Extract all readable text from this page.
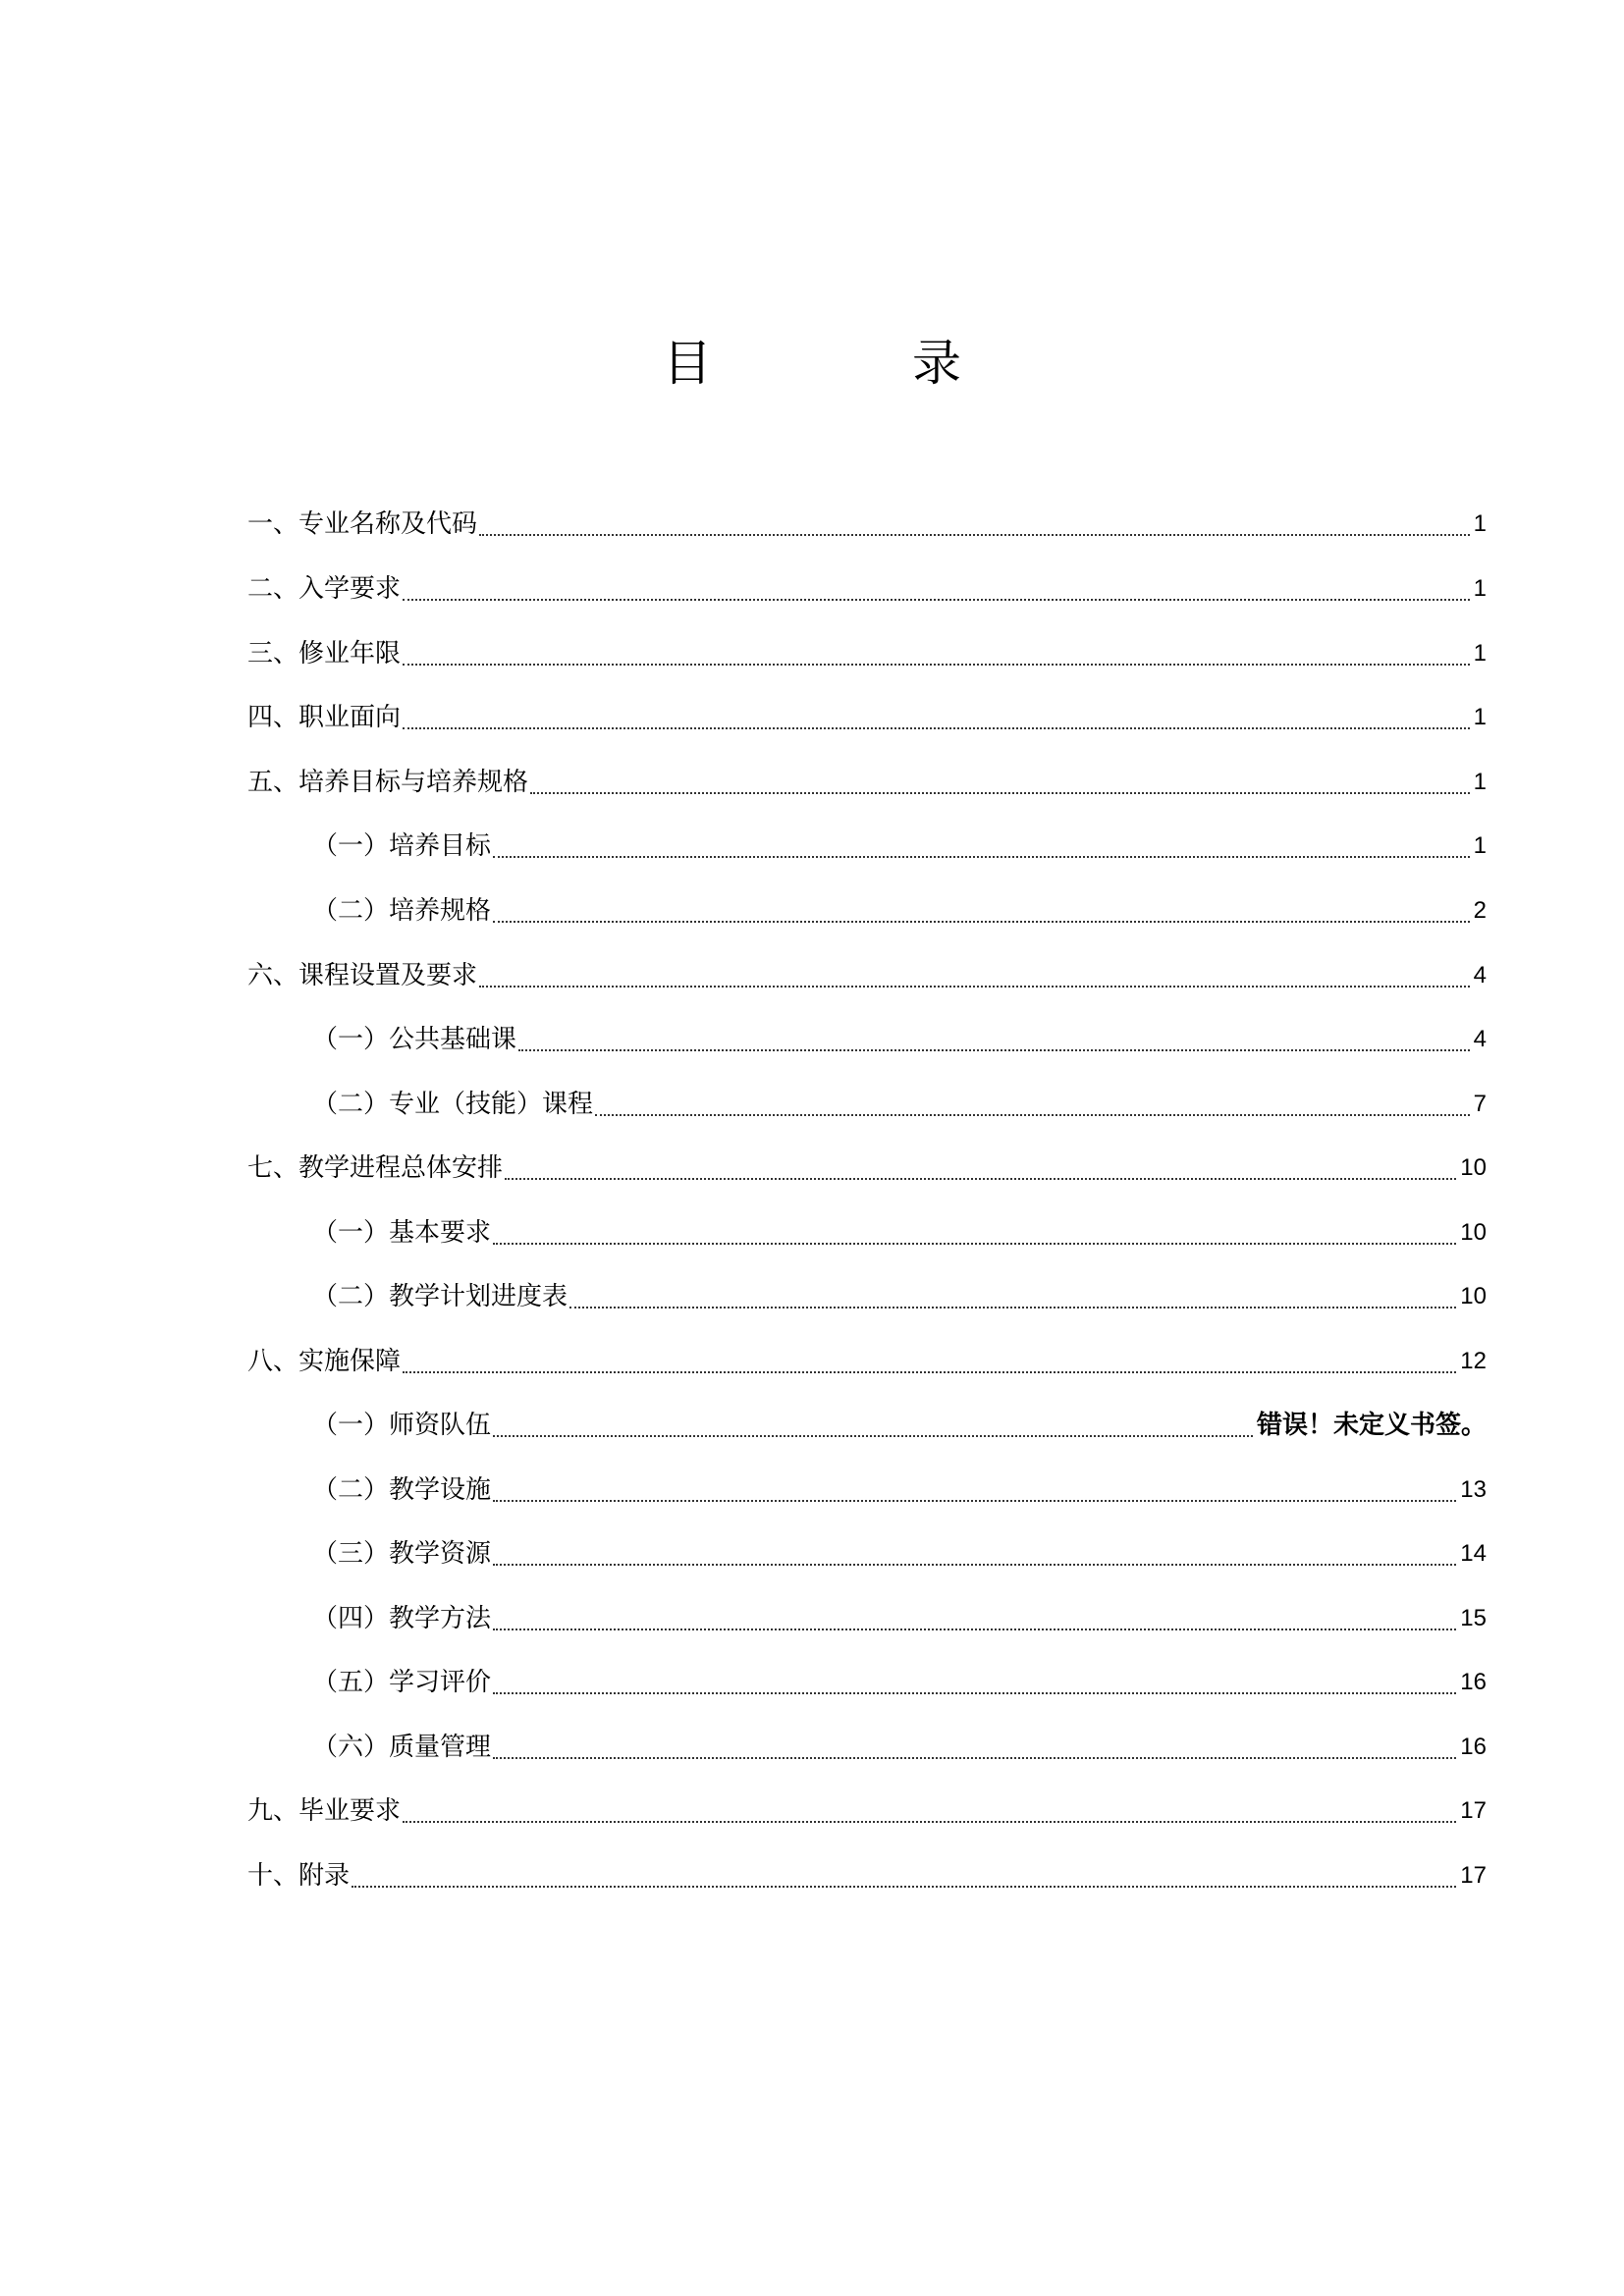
目 录
一、专业名称及代码	1
二、入学要求	1
三、修业年限	1
四、职业面向	1
五、培养目标与培养规格	1
（一）培养目标	1
（二）培养规格	2
六、课程设置及要求	4
（一）公共基础课	4
（二）专业（技能）课程	7
七、教学进程总体安排	10
（一）基本要求	10
（二）教学计划进度表	10
八、实施保障	12
（一）师资队伍	错误！未定义书签。
（二）教学设施	13
（三）教学资源	14
（四）教学方法	15
（五）学习评价	16
（六）质量管理	16
九、毕业要求	17
十、附录	17
